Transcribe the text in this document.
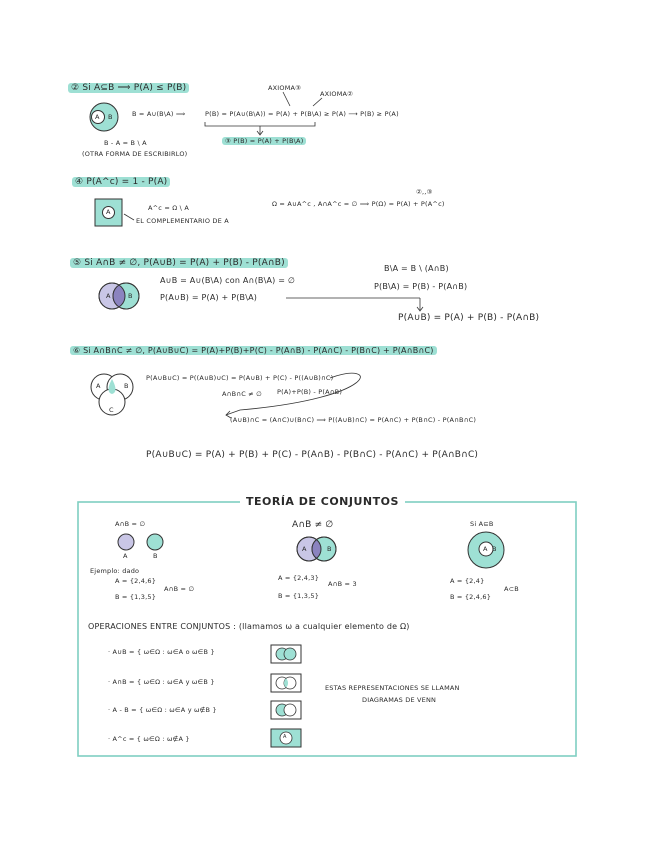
② Si A⊆B ⟹ P(A) ≤ P(B)
A B	B = A∪(B\A) ⟹	P(B) = P(A∪(B\A)) = P(A) + P(B\A) ≥ P(A) ⟶ P(B) ≥ P(A)
AXIOMA③
AXIOMA②
③ P(B) = P(A) + P(B\A)
B - A = B \ A
(OTRA FORMA DE ESCRIBIRLO)
④ P(A^c) = 1 - P(A)
A	A^c = Ω \ A
EL COMPLEMENTARIO DE A
Ω = A∪A^c , A∩A^c = ∅ ⟹ P(Ω) = P(A) + P(A^c)
②,,③
⑤ Si A∩B ≠ ∅, P(A∪B) = P(A) + P(B) - P(A∩B)
A	B
A∪B = A∪(B\A) con A∩(B\A) = ∅
P(A∪B) = P(A) + P(B\A)
B\A = B \ (A∩B)
P(B\A) = P(B) - P(A∩B)
P(A∪B) = P(A) + P(B) - P(A∩B)
⑥ Si A∩B∩C ≠ ∅, P(A∪B∪C) = P(A)+P(B)+P(C) - P(A∩B) - P(A∩C) - P(B∩C) + P(A∩B∩C)
A	B
C
P(A∪B∪C) = P((A∪B)∪C) = P(A∪B) + P(C) - P((A∪B)∩C)
A∩B∩C ≠ ∅ P(A)+P(B) - P(A∩B)
(A∪B)∩C = (A∩C)∪(B∩C) ⟹ P((A∪B)∩C) = P(A∩C) + P(B∩C) - P(A∩B∩C)
P(A∪B∪C) = P(A) + P(B) + P(C) - P(A∩B) - P(B∩C) - P(A∩C) + P(A∩B∩C)
TEORÍA DE CONJUNTOS
A∩B = ∅
A	B
Ejemplo: dado
A = {2,4,6}
B = {1,3,5}
A∩B = ∅
A∩B ≠ ∅
A	B
A = {2,4,3}
B = {1,3,5}
A∩B = 3
Si A⊆B
A B
A = {2,4}
B = {2,4,6}
A⊂B
OPERACIONES ENTRE CONJUNTOS : (llamamos ω a cualquier elemento de Ω)
· A∪B = { ω∈Ω : ω∈A o ω∈B }
· A∩B = { ω∈Ω : ω∈A y ω∈B }
· A - B = { ω∈Ω : ω∈A y ω∉B }
· A^c = { ω∈Ω : ω∉A }	A
ESTAS REPRESENTACIONES SE LLAMAN
DIAGRAMAS DE VENN
